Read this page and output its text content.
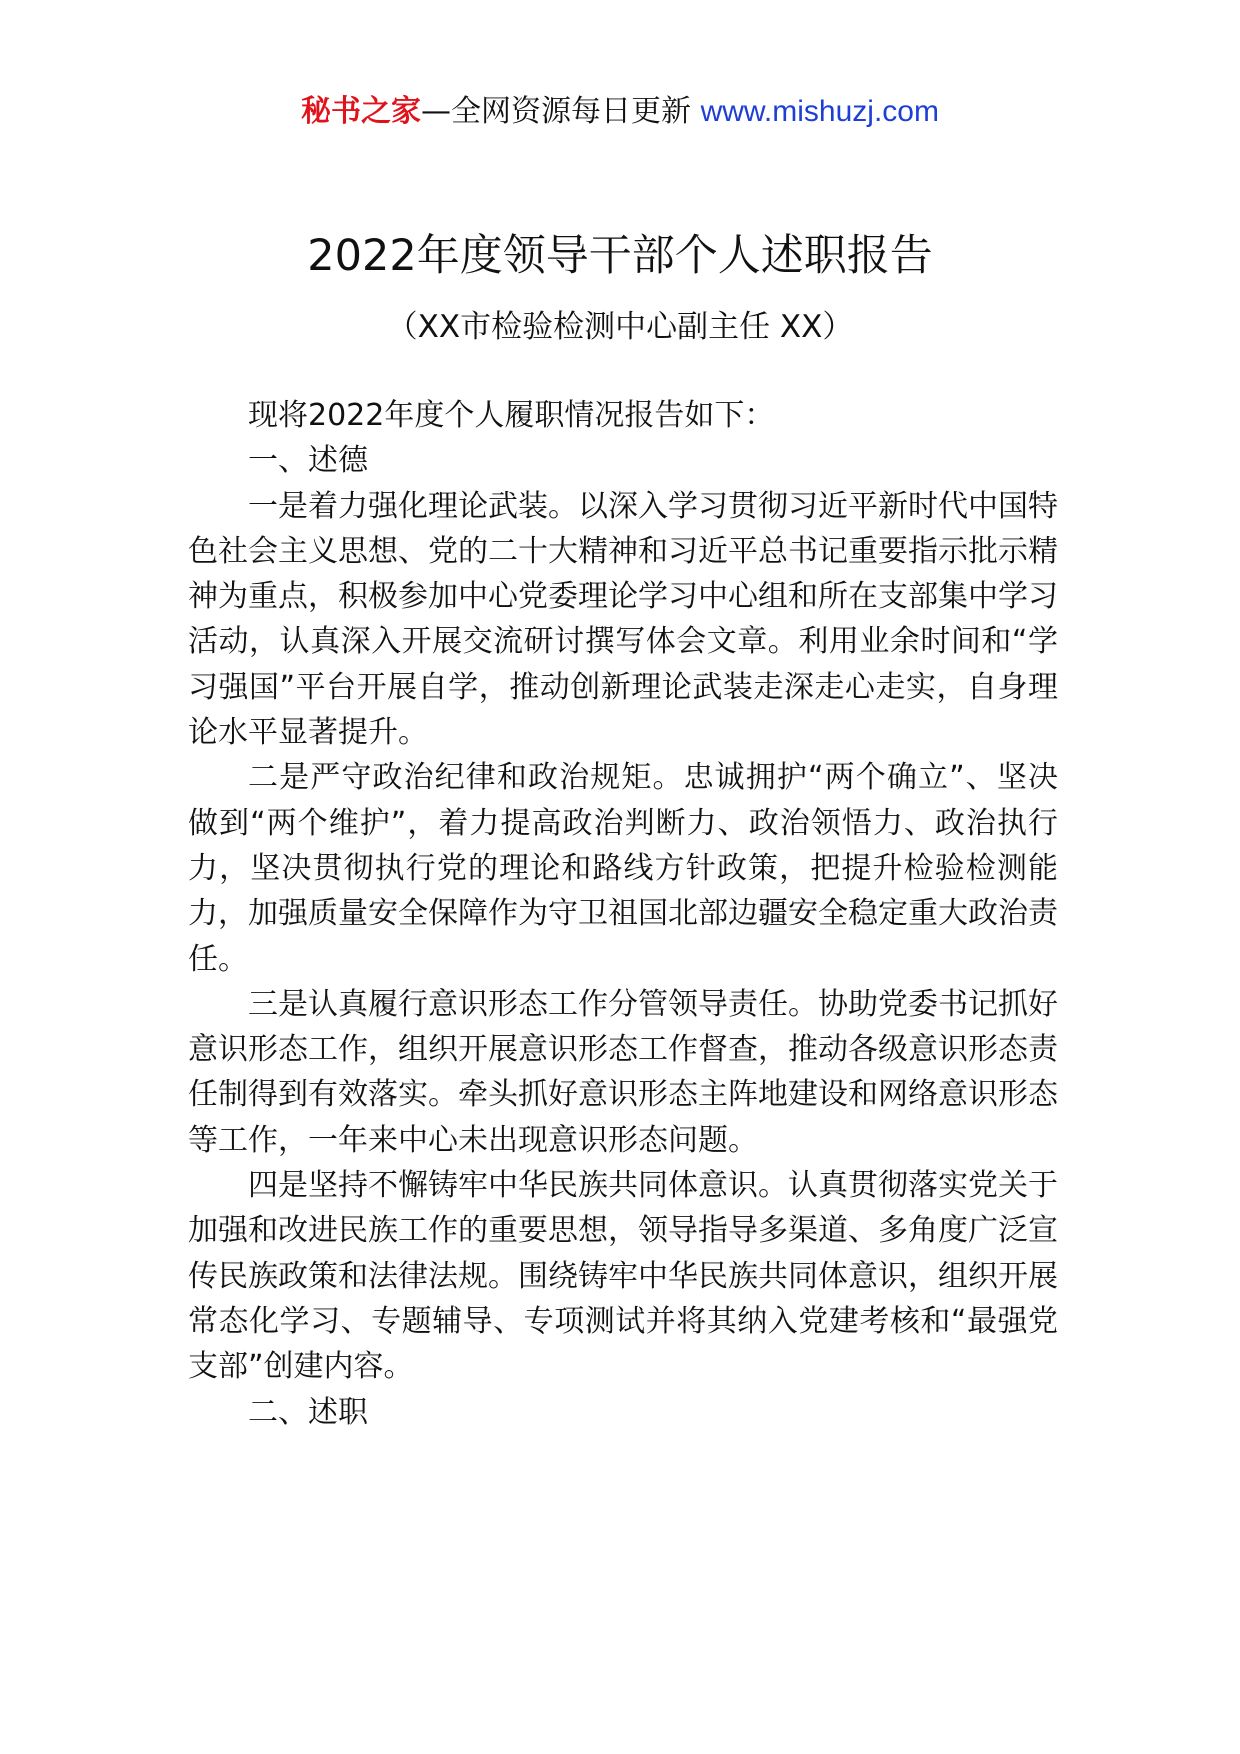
秘书之家—全网资源每日更新 www.mishuzj.com
2022年度领导干部个人述职报告
（XX市检验检测中心副主任 XX）

现将2022年度个人履职情况报告如下：

一、述德

一是着力强化理论武装。以深入学习贯彻习近平新时代中国特色社会主义思想、党的二十大精神和习近平总书记重要指示批示精神为重点，积极参加中心党委理论学习中心组和所在支部集中学习活动，认真深入开展交流研讨撰写体会文章。利用业余时间和“学习强国”平台开展自学，推动创新理论武装走深走心走实，自身理论水平显著提升。

二是严守政治纪律和政治规矩。忠诚拥护“两个确立”、坚决做到“两个维护”，着力提高政治判断力、政治领悟力、政治执行力，坚决贯彻执行党的理论和路线方针政策，把提升检验检测能力，加强质量安全保障作为守卫祖国北部边疆安全稳定重大政治责任。

三是认真履行意识形态工作分管领导责任。协助党委书记抓好意识形态工作，组织开展意识形态工作督查，推动各级意识形态责任制得到有效落实。牵头抓好意识形态主阵地建设和网络意识形态等工作，一年来中心未出现意识形态问题。

四是坚持不懈铸牢中华民族共同体意识。认真贯彻落实党关于加强和改进民族工作的重要思想，领导指导多渠道、多角度广泛宣传民族政策和法律法规。围绕铸牢中华民族共同体意识，组织开展常态化学习、专题辅导、专项测试并将其纳入党建考核和“最强党支部”创建内容。

二、述职
